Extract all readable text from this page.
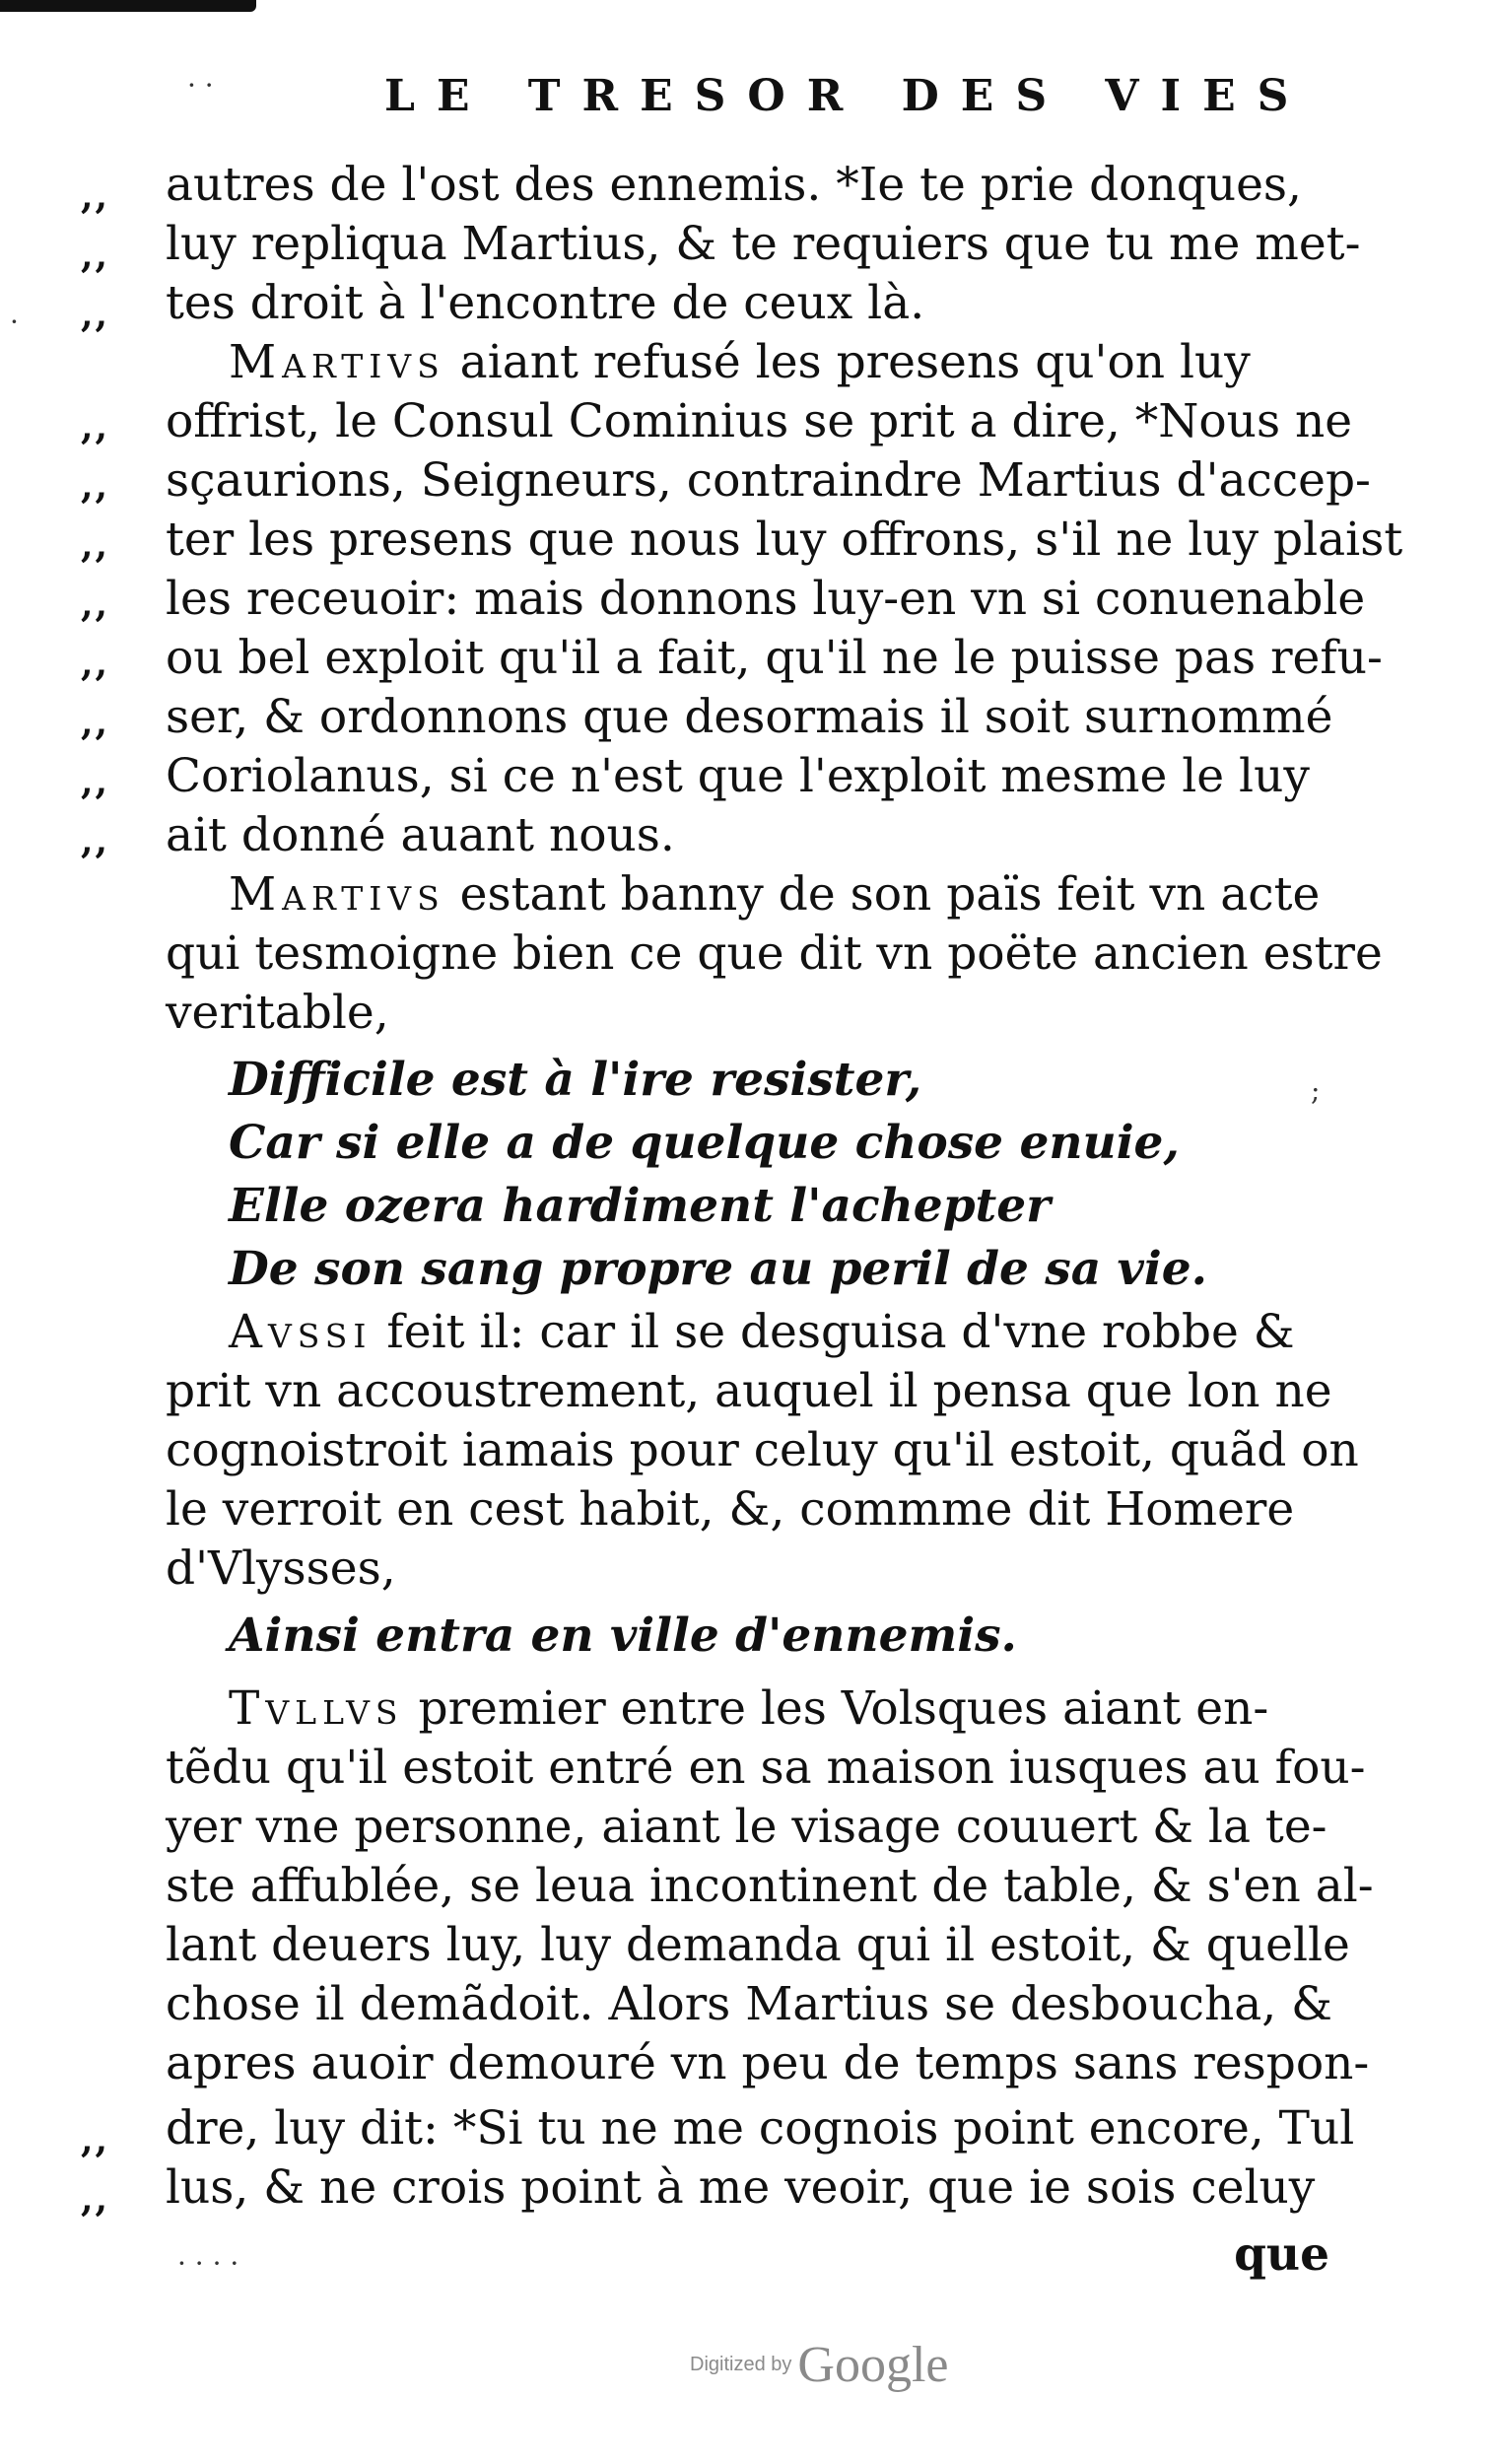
LE TRESOR DES VIES
,,
,,
,,
,,
,,
,,
,,
,,
,,
,,
,,
,,
,,
autres de l'ost des ennemis. *Ie te prie donques,
luy repliqua Martius, & te requiers que tu me met-
tes droit à l'encontre de ceux là.
Martivs aiant refusé les presens qu'on luy
offrist, le Consul Cominius se prit a dire, *Nous ne
sçaurions, Seigneurs, contraindre Martius d'accep-
ter les presens que nous luy offrons, s'il ne luy plaist
les receuoir: mais donnons luy-en vn si conuenable
ou bel exploit qu'il a fait, qu'il ne le puisse pas refu-
ser, & ordonnons que desormais il soit surnommé
Coriolanus, si ce n'est que l'exploit mesme le luy
ait donné auant nous.
Martivs estant banny de son païs feit vn acte
qui tesmoigne bien ce que dit vn poëte ancien estre
veritable,
Difficile est à l'ire resister,
Car si elle a de quelque chose enuie,
Elle ozera hardiment l'achepter
De son sang propre au peril de sa vie.
Avssi feit il: car il se desguisa d'vne robbe &
prit vn accoustrement, auquel il pensa que lon ne
cognoistroit iamais pour celuy qu'il estoit, quãd on
le verroit en cest habit, &, commme dit Homere
d'Vlysses,
Ainsi entra en ville d'ennemis.
Tvllvs premier entre les Volsques aiant en-
tẽdu qu'il estoit entré en sa maison iusques au fou-
yer vne personne, aiant le visage couuert & la te-
ste affublée, se leua incontinent de table, & s'en al-
lant deuers luy, luy demanda qui il estoit, & quelle
chose il demãdoit. Alors Martius se desboucha, &
apres auoir demouré vn peu de temps sans respon-
dre, luy dit: *Si tu ne me cognois point encore, Tul
lus, & ne crois point à me veoir, que ie sois celuy
que
· ·
·
;
· · · ·
Digitized by Google
